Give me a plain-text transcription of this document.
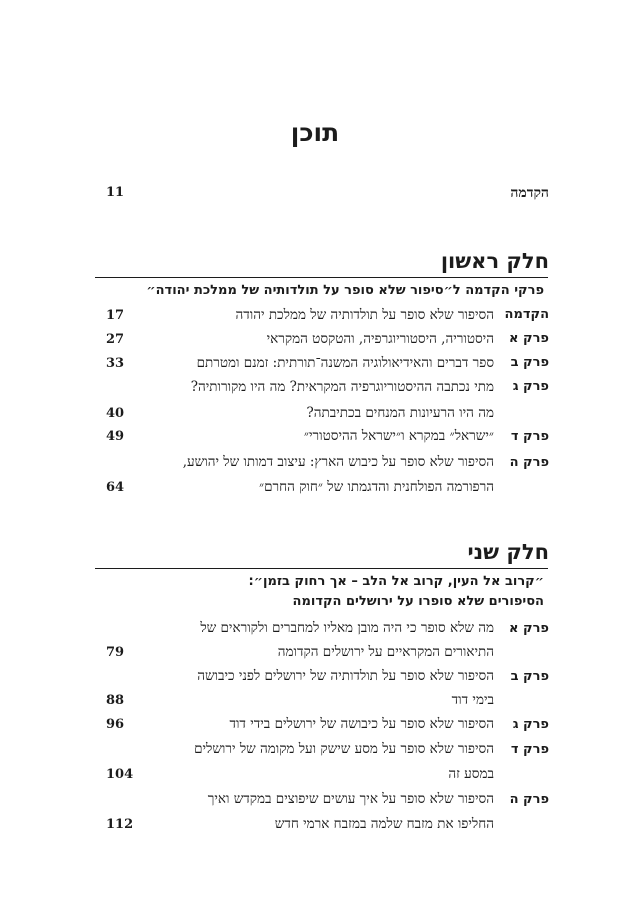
תוכן
הקדמה
11
חלק ראשון
פרקי הקדמה ל״סיפור שלא סופר על תולדותיה של ממלכת יהודה״
הקדמה
הסיפור שלא סופר על תולדותיה של ממלכת יהודה
17
פרק א
היסטוריה, היסטוריוגרפיה, והטקסט המקראי
27
פרק ב
ספר דברים והאידיאולוגיה המשנה־תורתית: זמנם ומטרתם
33
פרק ג
מתי נכתבה ההיסטוריוגרפיה המקראית? מה היו מקורותיה?
מה היו הרעיונות המנחים בכתיבתה?
40
פרק ד
״ישראל״ במקרא ו״ישראל ההיסטורי״
49
פרק ה
הסיפור שלא סופר על כיבוש הארץ: עיצוב דמותו של יהושע,
הרפורמה הפולחנית והדגמתו של ״חוק החרם״
64
חלק שני
״קרוב אל העין, קרוב אל הלב – אך רחוק בזמן״:
הסיפורים שלא סופרו על ירושלים הקדומה
פרק א
מה שלא סופר כי היה מובן מאליו למחברים ולקוראים של
התיאורים המקראיים על ירושלים הקדומה
79
פרק ב
הסיפור שלא סופר על תולדותיה של ירושלים לפני כיבושה
בימי דוד
88
פרק ג
הסיפור שלא סופר על כיבושה של ירושלים בידי דוד
96
פרק ד
הסיפור שלא סופר על מסע שישק ועל מקומה של ירושלים
במסע זה
104
פרק ה
הסיפור שלא סופר על איך עושים שיפוצים במקדש ואיך
החליפו את מזבח שלמה במזבח ארמי חדש
112
